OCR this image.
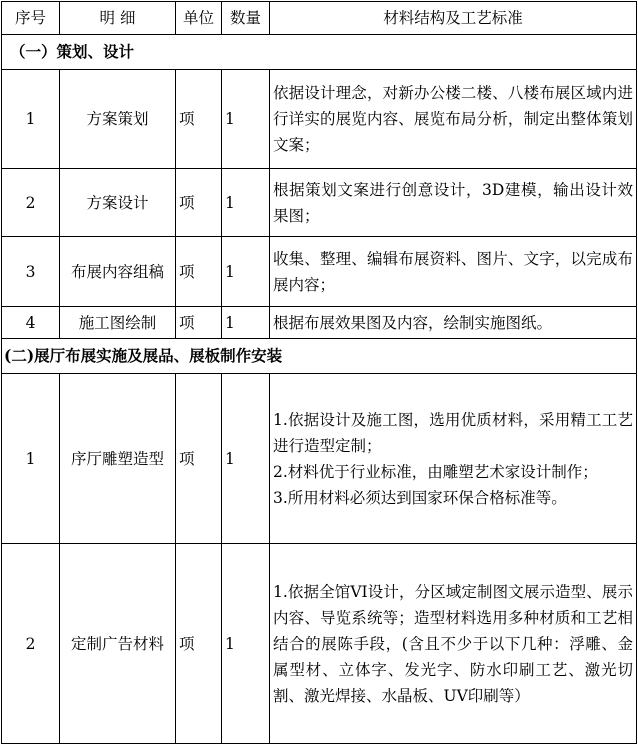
序号	明 细	单位	数量	材料结构及工艺标准
（一）策划、设计				
1	方案策划	项	1	依据设计理念，对新办公楼二楼、八楼布展区域内进行详实的展览内容、展览布局分析，制定出整体策划文案；
2	方案设计	项	1	根据策划文案进行创意设计，3D建模，输出设计效果图；
3	布展内容组稿	项	1	收集、整理、编辑布展资料、图片、文字，以完成布展内容；
4	施工图绘制	项	1	根据布展效果图及内容，绘制实施图纸。
(二)展厅布展实施及展品、展板制作安装				
1	序厅雕塑造型	项	1	1.依据设计及施工图，选用优质材料，采用精工工艺进行造型定制；
2.材料优于行业标准，由雕塑艺术家设计制作；
3.所用材料必须达到国家环保合格标准等。

2	定制广告材料	项	1	1.依据全馆VI设计，分区域定制图文展示造型、展示内容、导览系统等；造型材料选用多种材质和工艺相结合的展陈手段，(含且不少于以下几种：浮雕、金属型材、立体字、发光字、防水印刷工艺、激光切割、激光焊接、水晶板、UV印刷等）
